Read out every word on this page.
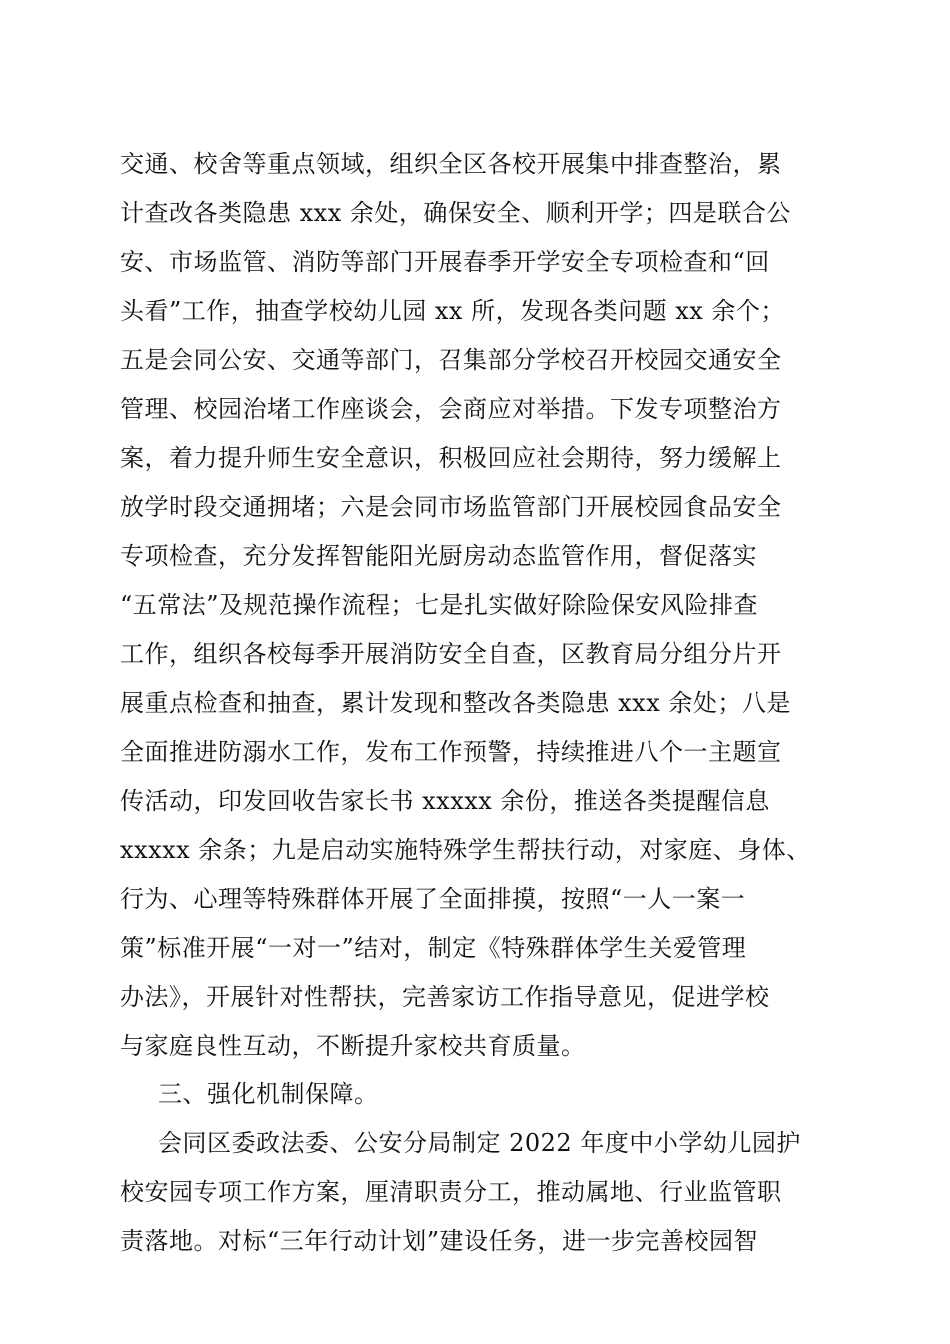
交通、校舍等重点领域，组织全区各校开展集中排查整治，累
计查改各类隐患 xxx 余处，确保安全、顺利开学；四是联合公
安、市场监管、消防等部门开展春季开学安全专项检查和“回
头看”工作，抽查学校幼儿园 xx 所，发现各类问题 xx 余个；
五是会同公安、交通等部门，召集部分学校召开校园交通安全
管理、校园治堵工作座谈会，会商应对举措。下发专项整治方
案，着力提升师生安全意识，积极回应社会期待，努力缓解上
放学时段交通拥堵；六是会同市场监管部门开展校园食品安全
专项检查，充分发挥智能阳光厨房动态监管作用，督促落实
“五常法”及规范操作流程；七是扎实做好除险保安风险排查
工作，组织各校每季开展消防安全自查，区教育局分组分片开
展重点检查和抽查，累计发现和整改各类隐患 xxx 余处；八是
全面推进防溺水工作，发布工作预警，持续推进八个一主题宣
传活动，印发回收告家长书 xxxxx 余份，推送各类提醒信息
xxxxx 余条；九是启动实施特殊学生帮扶行动，对家庭、身体、
行为、心理等特殊群体开展了全面排摸，按照“一人一案一
策”标准开展“一对一”结对，制定《特殊群体学生关爱管理
办法》，开展针对性帮扶，完善家访工作指导意见，促进学校
与家庭良性互动，不断提升家校共育质量。
三、强化机制保障。
会同区委政法委、公安分局制定 2022 年度中小学幼儿园护
校安园专项工作方案，厘清职责分工，推动属地、行业监管职
责落地。对标“三年行动计划”建设任务，进一步完善校园智
